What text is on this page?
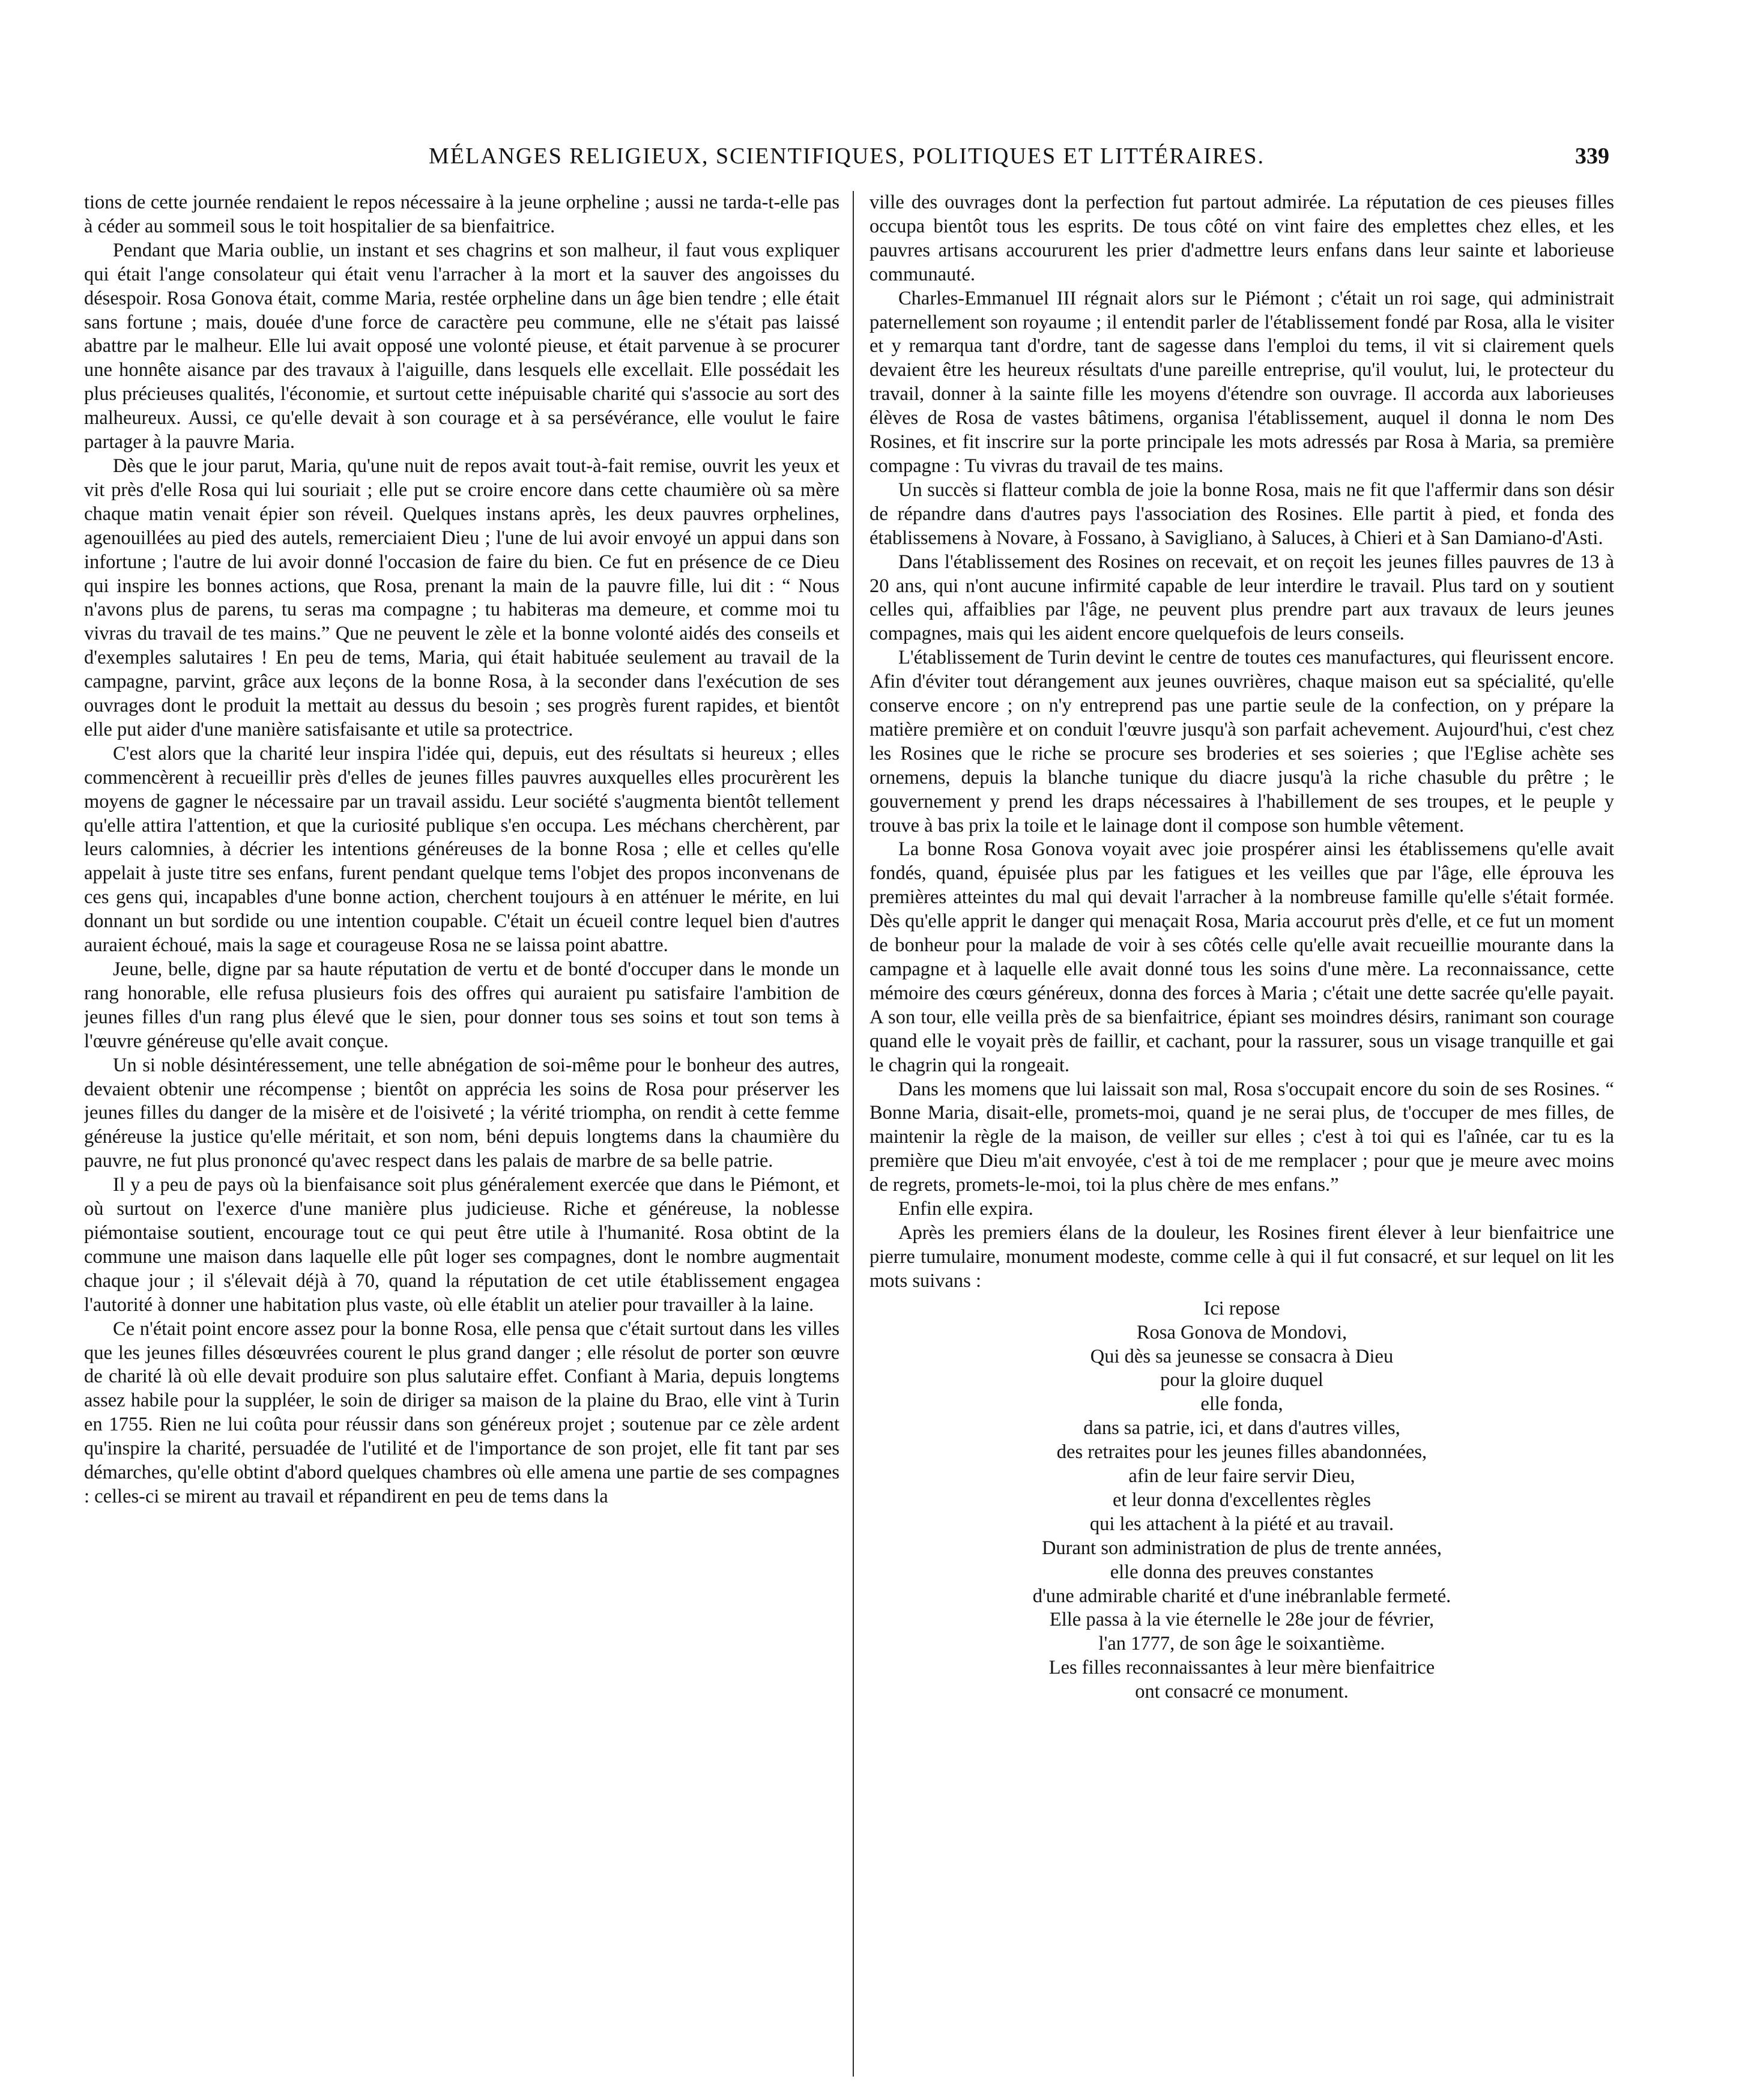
MÉLANGES RELIGIEUX, SCIENTIFIQUES, POLITIQUES ET LITTÉRAIRES.	339

tions de cette journée rendaient le repos nécessaire à la jeune orpheline ; aussi ne tarda-t-elle pas à céder au sommeil sous le toit hospitalier de sa bienfaitrice.

Pendant que Maria oublie, un instant et ses chagrins et son malheur, il faut vous expliquer qui était l'ange consolateur qui était venu l'arracher à la mort et la sauver des angoisses du désespoir. Rosa Gonova était, comme Maria, restée orpheline dans un âge bien tendre ; elle était sans fortune ; mais, douée d'une force de caractère peu commune, elle ne s'était pas laissé abattre par le malheur. Elle lui avait opposé une volonté pieuse, et était parvenue à se procurer une honnête aisance par des travaux à l'aiguille, dans lesquels elle excellait. Elle possédait les plus précieuses qualités, l'économie, et surtout cette inépuisable charité qui s'associe au sort des malheureux. Aussi, ce qu'elle devait à son courage et à sa persévérance, elle voulut le faire partager à la pauvre Maria.

Dès que le jour parut, Maria, qu'une nuit de repos avait tout-à-fait remise, ouvrit les yeux et vit près d'elle Rosa qui lui souriait ; elle put se croire encore dans cette chaumière où sa mère chaque matin venait épier son réveil. Quelques instans après, les deux pauvres orphelines, agenouillées au pied des autels, remerciaient Dieu ; l'une de lui avoir envoyé un appui dans son infortune ; l'autre de lui avoir donné l'occasion de faire du bien. Ce fut en présence de ce Dieu qui inspire les bonnes actions, que Rosa, prenant la main de la pauvre fille, lui dit : “ Nous n'avons plus de parens, tu seras ma compagne ; tu habiteras ma demeure, et comme moi tu vivras du travail de tes mains.” Que ne peuvent le zèle et la bonne volonté aidés des conseils et d'exemples salutaires ! En peu de tems, Maria, qui était habituée seulement au travail de la campagne, parvint, grâce aux leçons de la bonne Rosa, à la seconder dans l'exécution de ses ouvrages dont le produit la mettait au dessus du besoin ; ses progrès furent rapides, et bientôt elle put aider d'une manière satisfaisante et utile sa protectrice.

C'est alors que la charité leur inspira l'idée qui, depuis, eut des résultats si heureux ; elles commencèrent à recueillir près d'elles de jeunes filles pauvres auxquelles elles procurèrent les moyens de gagner le nécessaire par un travail assidu. Leur société s'augmenta bientôt tellement qu'elle attira l'attention, et que la curiosité publique s'en occupa. Les méchans cherchèrent, par leurs calomnies, à décrier les intentions généreuses de la bonne Rosa ; elle et celles qu'elle appelait à juste titre ses enfans, furent pendant quelque tems l'objet des propos inconvenans de ces gens qui, incapables d'une bonne action, cherchent toujours à en atténuer le mérite, en lui donnant un but sordide ou une intention coupable. C'était un écueil contre lequel bien d'autres auraient échoué, mais la sage et courageuse Rosa ne se laissa point abattre.

Jeune, belle, digne par sa haute réputation de vertu et de bonté d'occuper dans le monde un rang honorable, elle refusa plusieurs fois des offres qui auraient pu satisfaire l'ambition de jeunes filles d'un rang plus élevé que le sien, pour donner tous ses soins et tout son tems à l'œuvre généreuse qu'elle avait conçue.

Un si noble désintéressement, une telle abnégation de soi-même pour le bonheur des autres, devaient obtenir une récompense ; bientôt on apprécia les soins de Rosa pour préserver les jeunes filles du danger de la misère et de l'oisiveté ; la vérité triompha, on rendit à cette femme généreuse la justice qu'elle méritait, et son nom, béni depuis longtems dans la chaumière du pauvre, ne fut plus prononcé qu'avec respect dans les palais de marbre de sa belle patrie.

Il y a peu de pays où la bienfaisance soit plus généralement exercée que dans le Piémont, et où surtout on l'exerce d'une manière plus judicieuse. Riche et généreuse, la noblesse piémontaise soutient, encourage tout ce qui peut être utile à l'humanité. Rosa obtint de la commune une maison dans laquelle elle pût loger ses compagnes, dont le nombre augmentait chaque jour ; il s'élevait déjà à 70, quand la réputation de cet utile établissement engagea l'autorité à donner une habitation plus vaste, où elle établit un atelier pour travailler à la laine.

Ce n'était point encore assez pour la bonne Rosa, elle pensa que c'était surtout dans les villes que les jeunes filles désœuvrées courent le plus grand danger ; elle résolut de porter son œuvre de charité là où elle devait produire son plus salutaire effet. Confiant à Maria, depuis longtems assez habile pour la suppléer, le soin de diriger sa maison de la plaine du Brao, elle vint à Turin en 1755. Rien ne lui coûta pour réussir dans son généreux projet ; soutenue par ce zèle ardent qu'inspire la charité, persuadée de l'utilité et de l'importance de son projet, elle fit tant par ses démarches, qu'elle obtint d'abord quelques chambres où elle amena une partie de ses compagnes : celles-ci se mirent au travail et répandirent en peu de tems dans la

ville des ouvrages dont la perfection fut partout admirée. La réputation de ces pieuses filles occupa bientôt tous les esprits. De tous côté on vint faire des emplettes chez elles, et les pauvres artisans accoururent les prier d'admettre leurs enfans dans leur sainte et laborieuse communauté.

Charles-Emmanuel III régnait alors sur le Piémont ; c'était un roi sage, qui administrait paternellement son royaume ; il entendit parler de l'établissement fondé par Rosa, alla le visiter et y remarqua tant d'ordre, tant de sagesse dans l'emploi du tems, il vit si clairement quels devaient être les heureux résultats d'une pareille entreprise, qu'il voulut, lui, le protecteur du travail, donner à la sainte fille les moyens d'étendre son ouvrage. Il accorda aux laborieuses élèves de Rosa de vastes bâtimens, organisa l'établissement, auquel il donna le nom Des Rosines, et fit inscrire sur la porte principale les mots adressés par Rosa à Maria, sa première compagne : Tu vivras du travail de tes mains.

Un succès si flatteur combla de joie la bonne Rosa, mais ne fit que l'affermir dans son désir de répandre dans d'autres pays l'association des Rosines. Elle partit à pied, et fonda des établissemens à Novare, à Fossano, à Savigliano, à Saluces, à Chieri et à San Damiano-d'Asti.

Dans l'établissement des Rosines on recevait, et on reçoit les jeunes filles pauvres de 13 à 20 ans, qui n'ont aucune infirmité capable de leur interdire le travail. Plus tard on y soutient celles qui, affaiblies par l'âge, ne peuvent plus prendre part aux travaux de leurs jeunes compagnes, mais qui les aident encore quelquefois de leurs conseils.

L'établissement de Turin devint le centre de toutes ces manufactures, qui fleurissent encore. Afin d'éviter tout dérangement aux jeunes ouvrières, chaque maison eut sa spécialité, qu'elle conserve encore ; on n'y entreprend pas une partie seule de la confection, on y prépare la matière première et on conduit l'œuvre jusqu'à son parfait achevement. Aujourd'hui, c'est chez les Rosines que le riche se procure ses broderies et ses soieries ; que l'Eglise achète ses ornemens, depuis la blanche tunique du diacre jusqu'à la riche chasuble du prêtre ; le gouvernement y prend les draps nécessaires à l'habillement de ses troupes, et le peuple y trouve à bas prix la toile et le lainage dont il compose son humble vêtement.

La bonne Rosa Gonova voyait avec joie prospérer ainsi les établissemens qu'elle avait fondés, quand, épuisée plus par les fatigues et les veilles que par l'âge, elle éprouva les premières atteintes du mal qui devait l'arracher à la nombreuse famille qu'elle s'était formée. Dès qu'elle apprit le danger qui menaçait Rosa, Maria accourut près d'elle, et ce fut un moment de bonheur pour la malade de voir à ses côtés celle qu'elle avait recueillie mourante dans la campagne et à laquelle elle avait donné tous les soins d'une mère. La reconnaissance, cette mémoire des cœurs généreux, donna des forces à Maria ; c'était une dette sacrée qu'elle payait. A son tour, elle veilla près de sa bienfaitrice, épiant ses moindres désirs, ranimant son courage quand elle le voyait près de faillir, et cachant, pour la rassurer, sous un visage tranquille et gai le chagrin qui la rongeait.

Dans les momens que lui laissait son mal, Rosa s'occupait encore du soin de ses Rosines. “ Bonne Maria, disait-elle, promets-moi, quand je ne serai plus, de t'occuper de mes filles, de maintenir la règle de la maison, de veiller sur elles ; c'est à toi qui es l'aînée, car tu es la première que Dieu m'ait envoyée, c'est à toi de me remplacer ; pour que je meure avec moins de regrets, promets-le-moi, toi la plus chère de mes enfans.”

Enfin elle expira.

Après les premiers élans de la douleur, les Rosines firent élever à leur bienfaitrice une pierre tumulaire, monument modeste, comme celle à qui il fut consacré, et sur lequel on lit les mots suivans :

Ici repose
Rosa Gonova de Mondovi,
Qui dès sa jeunesse se consacra à Dieu
pour la gloire duquel
elle fonda,
dans sa patrie, ici, et dans d'autres villes,
des retraites pour les jeunes filles abandonnées,
afin de leur faire servir Dieu,
et leur donna d'excellentes règles
qui les attachent à la piété et au travail.
Durant son administration de plus de trente années,
elle donna des preuves constantes
d'une admirable charité et d'une inébranlable fermeté.
Elle passa à la vie éternelle le 28e jour de février,
l'an 1777, de son âge le soixantième.
Les filles reconnaissantes à leur mère bienfaitrice
ont consacré ce monument.
